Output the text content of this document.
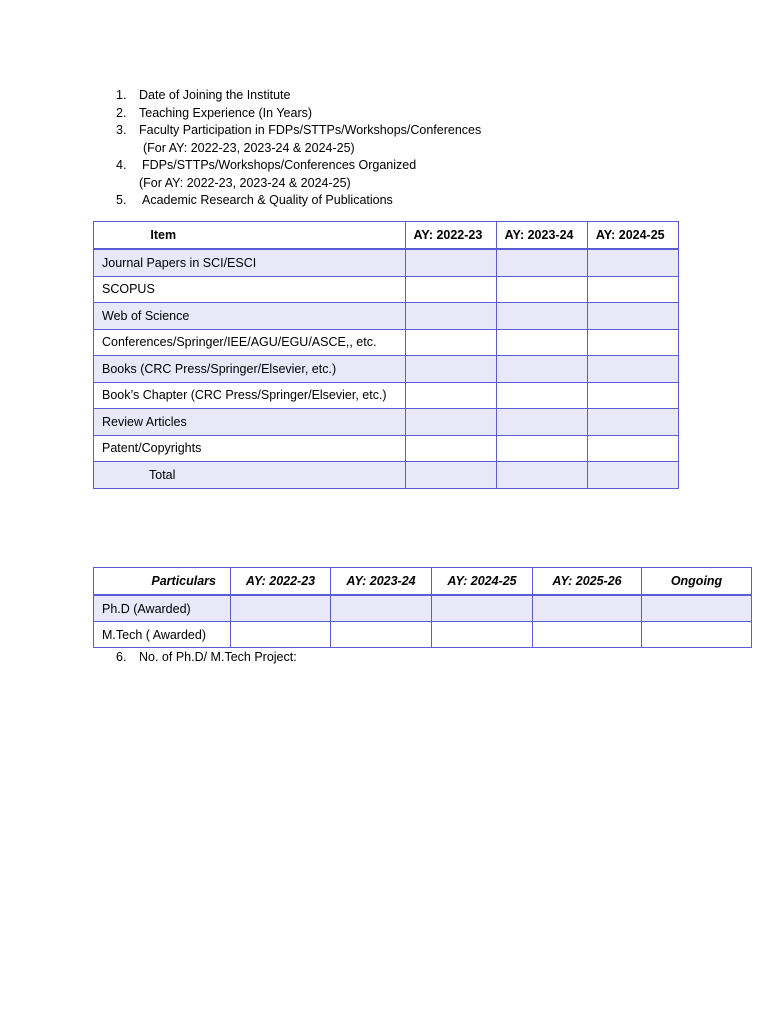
1. Date of Joining the Institute
2. Teaching Experience (In Years)
3. Faculty Participation in FDPs/STTPs/Workshops/Conferences
(For AY: 2022-23, 2023-24 & 2024-25)
4. FDPs/STTPs/Workshops/Conferences Organized
(For AY: 2022-23, 2023-24 & 2024-25)
5. Academic Research & Quality of Publications
Item	AY: 2022-23	AY: 2023-24	AY: 2024-25
Journal Papers in SCI/ESCI			
SCOPUS			
Web of Science			
Conferences/Springer/IEE/AGU/EGU/ASCE,, etc.			
Books (CRC Press/Springer/Elsevier, etc.)			
Book’s Chapter (CRC Press/Springer/Elsevier, etc.)			
Review Articles			
Patent/Copyrights			
Total			
Particulars	AY: 2022-23	AY: 2023-24	AY: 2024-25	AY: 2025-26	Ongoing
Ph.D (Awarded)					
M.Tech ( Awarded)					
6. No. of Ph.D/ M.Tech Project:
